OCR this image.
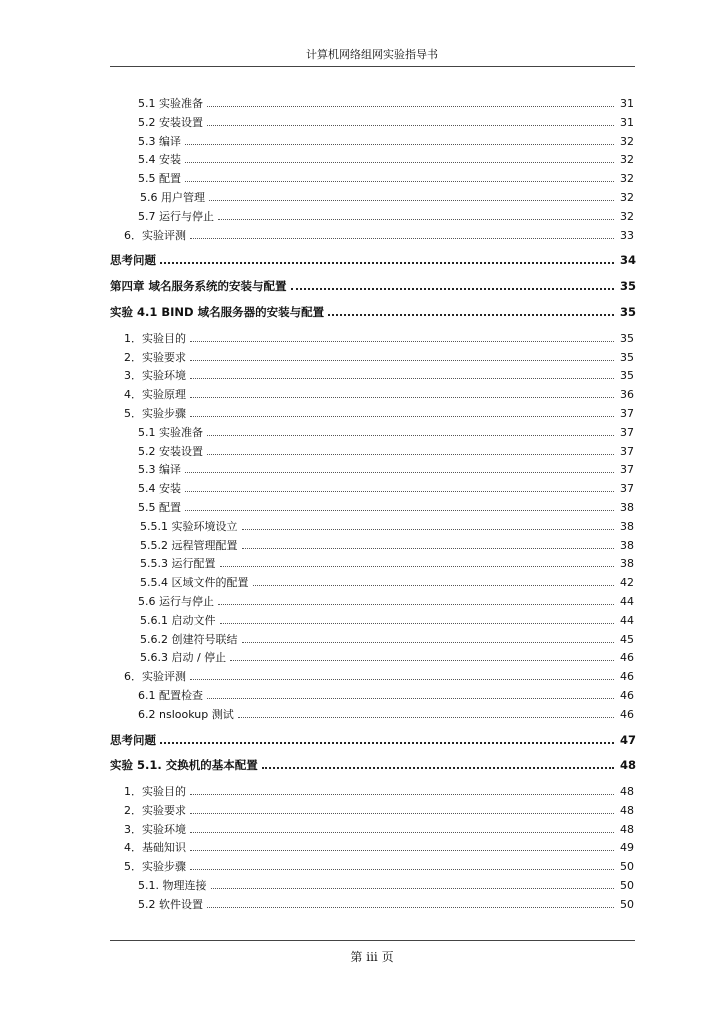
计算机网络组网实验指导书
5.1 实验准备	31
5.2 安装设置	31
5.3 编译	32
5.4 安装	32
5.5 配置	32
5.6 用户管理	32
5.7 运行与停止	32
6．实验评测	33
思考问题	34
第四章 域名服务系统的安装与配置	35
实验 4.1 BIND 域名服务器的安装与配置	35
1．实验目的	35
2．实验要求	35
3．实验环境	35
4．实验原理	36
5．实验步骤	37
5.1 实验准备	37
5.2 安装设置	37
5.3 编译	37
5.4 安装	37
5.5 配置	38
5.5.1 实验环境设立	38
5.5.2 远程管理配置	38
5.5.3 运行配置	38
5.5.4 区域文件的配置	42
5.6 运行与停止	44
5.6.1 启动文件	44
5.6.2 创建符号联结	45
5.6.3 启动 / 停止	46
6．实验评测	46
6.1 配置检查	46
6.2 nslookup 测试	46
思考问题	47
实验 5.1. 交换机的基本配置	48
1．实验目的	48
2．实验要求	48
3．实验环境	48
4．基础知识	49
5．实验步骤	50
5.1. 物理连接	50
5.2 软件设置	50
第 iii 页
